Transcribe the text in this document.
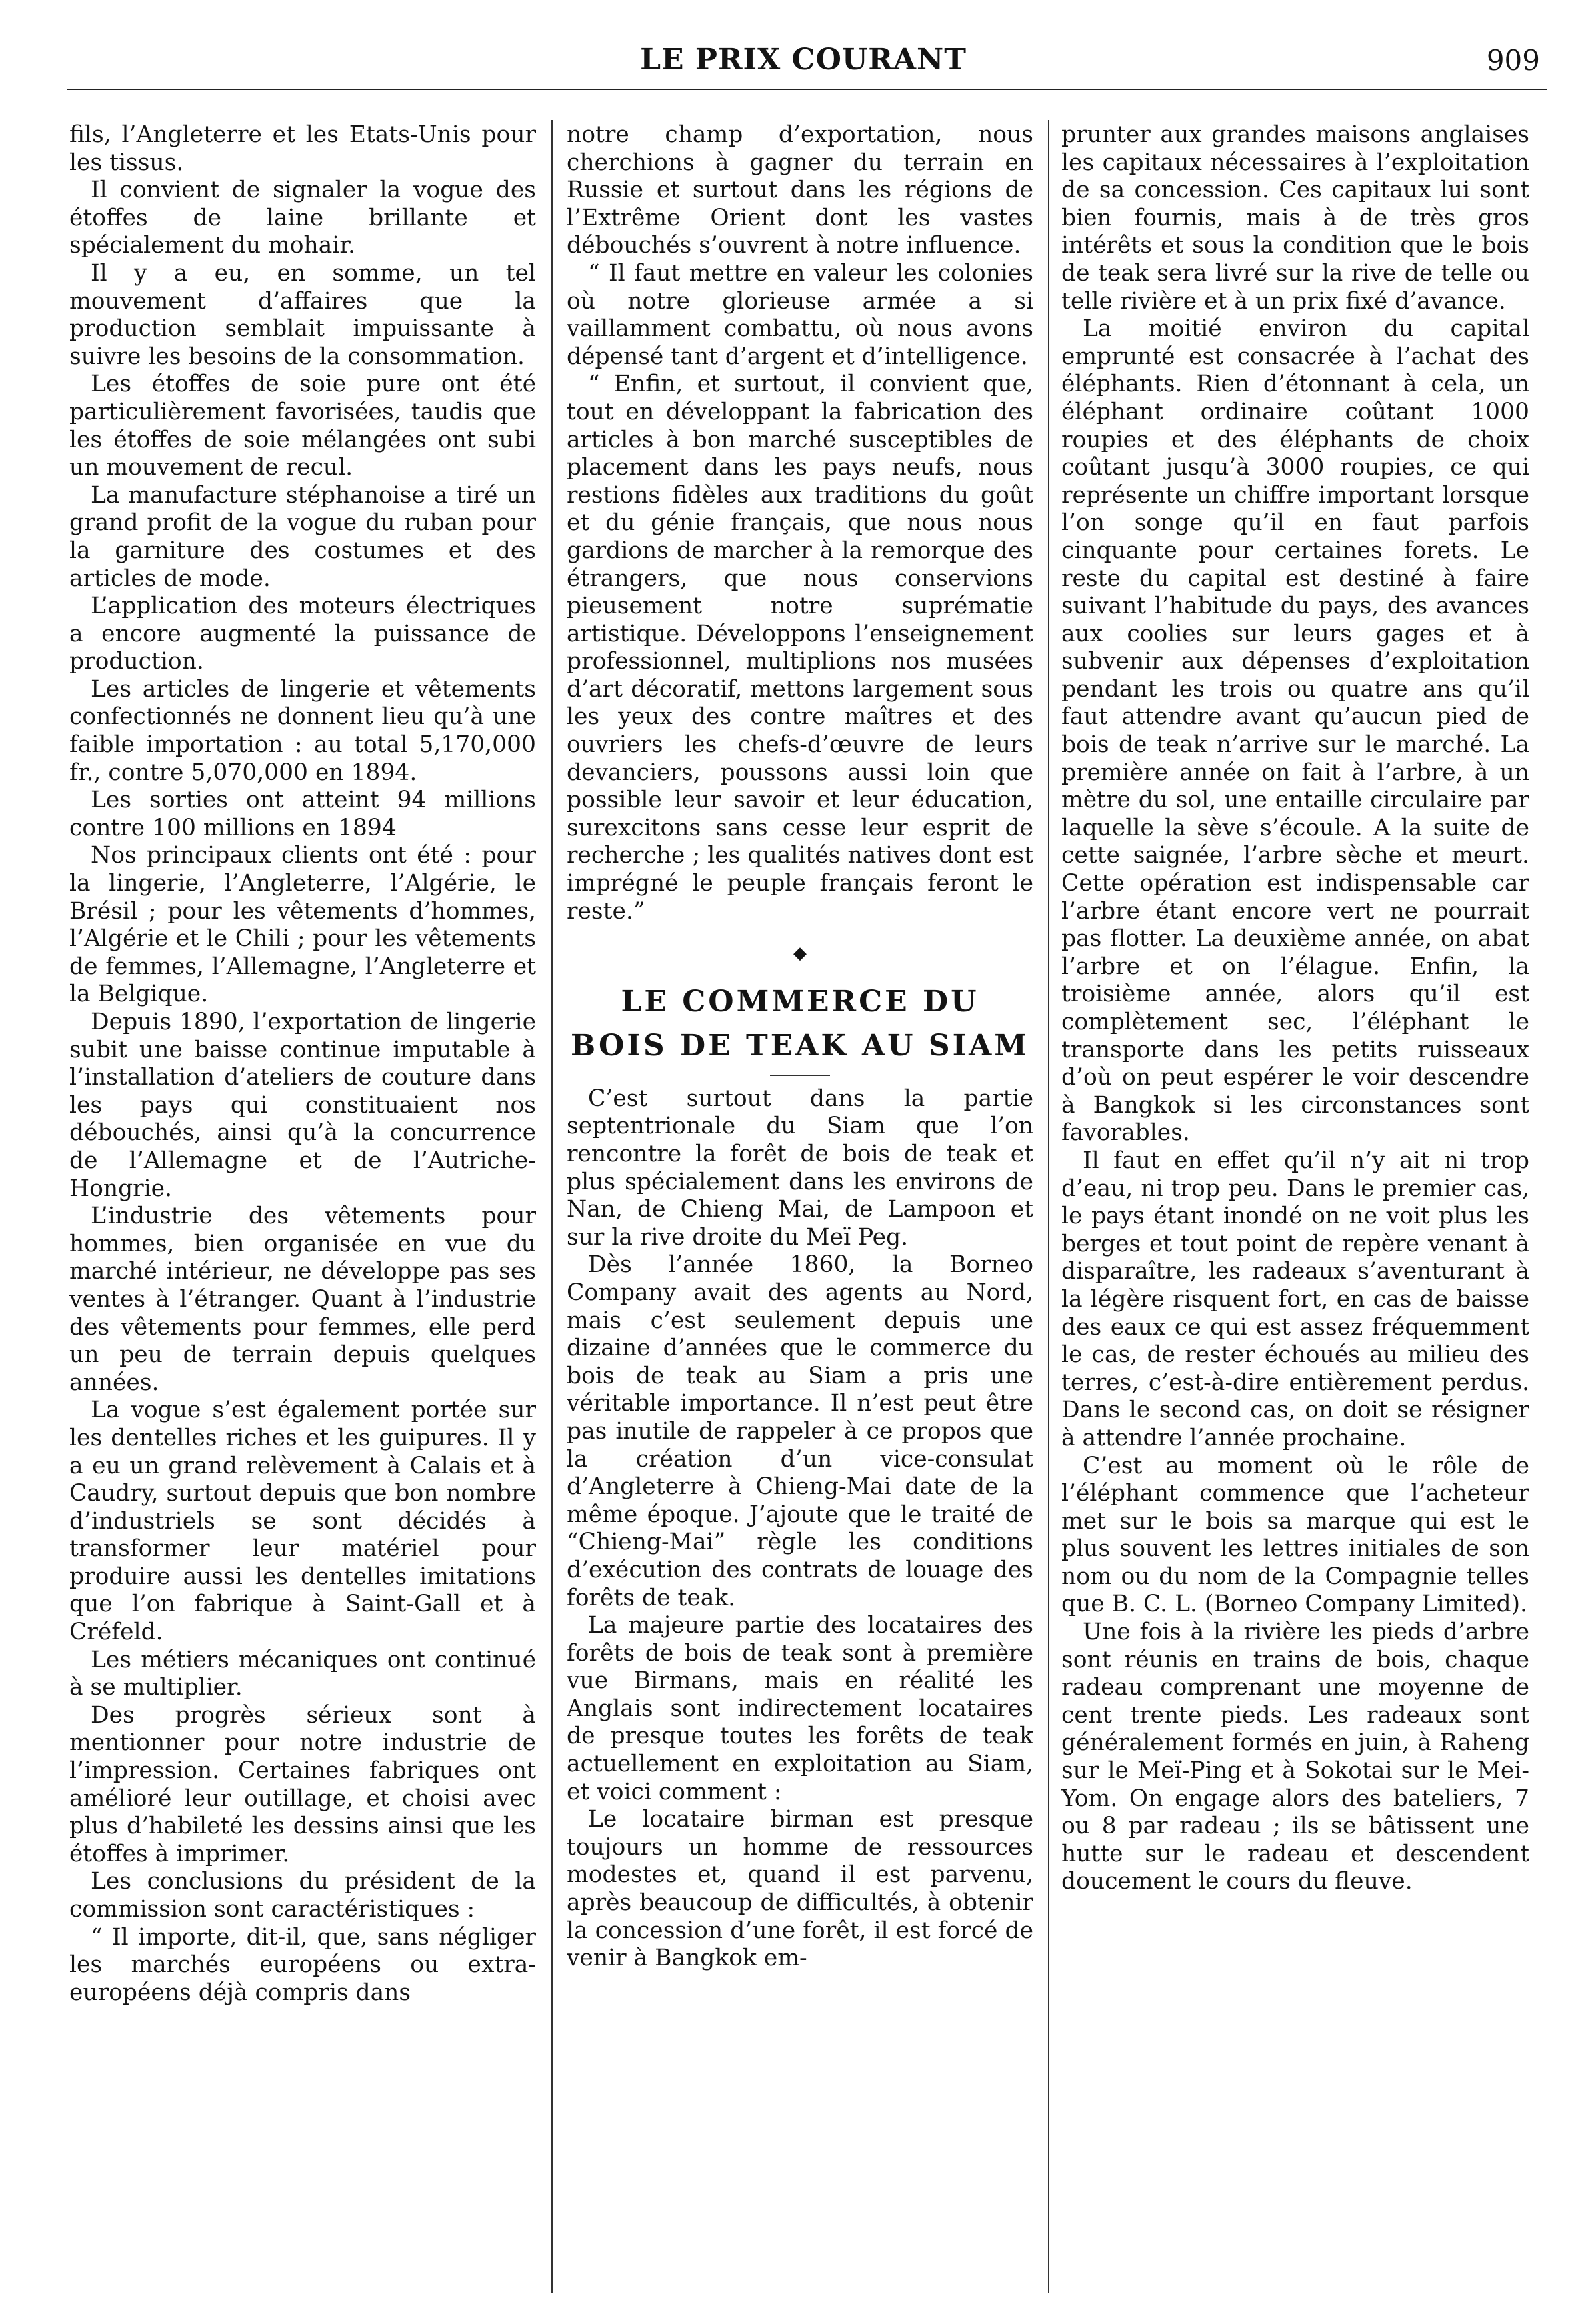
LE PRIX COURANT	909

fils, l’Angleterre et les Etats-Unis pour les tissus.

Il convient de signaler la vogue des étoffes de laine brillante et spécialement du mohair.

Il y a eu, en somme, un tel mouvement d’affaires que la production semblait impuissante à suivre les besoins de la consommation.

Les étoffes de soie pure ont été particulièrement favorisées, taudis que les étoffes de soie mélangées ont subi un mouvement de recul.

La manufacture stéphanoise a tiré un grand profit de la vogue du ruban pour la garniture des costumes et des articles de mode.

L’application des moteurs électriques a encore augmenté la puissance de production.

Les articles de lingerie et vêtements confectionnés ne donnent lieu qu’à une faible importation : au total 5,170,000 fr., contre 5,070,000 en 1894.

Les sorties ont atteint 94 millions contre 100 millions en 1894

Nos principaux clients ont été : pour la lingerie, l’Angleterre, l’Algérie, le Brésil ; pour les vêtements d’hommes, l’Algérie et le Chili ; pour les vêtements de femmes, l’Allemagne, l’Angleterre et la Belgique.

Depuis 1890, l’exportation de lingerie subit une baisse continue imputable à l’installation d’ateliers de couture dans les pays qui constituaient nos débouchés, ainsi qu’à la concurrence de l’Allemagne et de l’Autriche-Hongrie.

L’industrie des vêtements pour hommes, bien organisée en vue du marché intérieur, ne développe pas ses ventes à l’étranger. Quant à l’industrie des vêtements pour femmes, elle perd un peu de terrain depuis quelques années.

La vogue s’est également portée sur les dentelles riches et les guipures. Il y a eu un grand relèvement à Calais et à Caudry, surtout depuis que bon nombre d’industriels se sont décidés à transformer leur matériel pour produire aussi les dentelles imitations que l’on fabrique à Saint-Gall et à Créfeld.

Les métiers mécaniques ont continué à se multiplier.

Des progrès sérieux sont à mentionner pour notre industrie de l’impression. Certaines fabriques ont amélioré leur outillage, et choisi avec plus d’habileté les dessins ainsi que les étoffes à imprimer.

Les conclusions du président de la commission sont caractéristiques :

“ Il importe, dit-il, que, sans négliger les marchés européens ou extra-européens déjà compris dans

notre champ d’exportation, nous cherchions à gagner du terrain en Russie et surtout dans les régions de l’Extrême Orient dont les vastes débouchés s’ouvrent à notre influence.

“ Il faut mettre en valeur les colonies où notre glorieuse armée a si vaillamment combattu, où nous avons dépensé tant d’argent et d’intelligence.

“ Enfin, et surtout, il convient que, tout en développant la fabrication des articles à bon marché susceptibles de placement dans les pays neufs, nous restions fidèles aux traditions du goût et du génie français, que nous nous gardions de marcher à la remorque des étrangers, que nous conservions pieusement notre suprématie artistique. Développons l’enseignement professionnel, multiplions nos musées d’art décoratif, mettons largement sous les yeux des contre maîtres et des ouvriers les chefs-d’œuvre de leurs devanciers, poussons aussi loin que possible leur savoir et leur éducation, surexcitons sans cesse leur esprit de recherche ; les qualités natives dont est imprégné le peuple français feront le reste.”

◆
LE COMMERCE DU BOIS DE TEAK AU SIAM

C’est surtout dans la partie septentrionale du Siam que l’on rencontre la forêt de bois de teak et plus spécialement dans les environs de Nan, de Chieng Mai, de Lampoon et sur la rive droite du Meï Peg.

Dès l’année 1860, la Borneo Company avait des agents au Nord, mais c’est seulement depuis une dizaine d’années que le commerce du bois de teak au Siam a pris une véritable importance. Il n’est peut être pas inutile de rappeler à ce propos que la création d’un vice-consulat d’Angleterre à Chieng-Mai date de la même époque. J’ajoute que le traité de “Chieng-Mai” règle les conditions d’exécution des contrats de louage des forêts de teak.

La majeure partie des locataires des forêts de bois de teak sont à première vue Birmans, mais en réalité les Anglais sont indirectement locataires de presque toutes les forêts de teak actuellement en exploitation au Siam, et voici comment :

Le locataire birman est presque toujours un homme de ressources modestes et, quand il est parvenu, après beaucoup de difficultés, à obtenir la concession d’une forêt, il est forcé de venir à Bangkok em-

prunter aux grandes maisons anglaises les capitaux nécessaires à l’exploitation de sa concession. Ces capitaux lui sont bien fournis, mais à de très gros intérêts et sous la condition que le bois de teak sera livré sur la rive de telle ou telle rivière et à un prix fixé d’avance.

La moitié environ du capital emprunté est consacrée à l’achat des éléphants. Rien d’étonnant à cela, un éléphant ordinaire coûtant 1000 roupies et des éléphants de choix coûtant jusqu’à 3000 roupies, ce qui représente un chiffre important lorsque l’on songe qu’il en faut parfois cinquante pour certaines forets. Le reste du capital est destiné à faire suivant l’habitude du pays, des avances aux coolies sur leurs gages et à subvenir aux dépenses d’exploitation pendant les trois ou quatre ans qu’il faut attendre avant qu’aucun pied de bois de teak n’arrive sur le marché. La première année on fait à l’arbre, à un mètre du sol, une entaille circulaire par laquelle la sève s’écoule. A la suite de cette saignée, l’arbre sèche et meurt. Cette opération est indispensable car l’arbre étant encore vert ne pourrait pas flotter. La deuxième année, on abat l’arbre et on l’élague. Enfin, la troisième année, alors qu’il est complètement sec, l’éléphant le transporte dans les petits ruisseaux d’où on peut espérer le voir descendre à Bangkok si les circonstances sont favorables.

Il faut en effet qu’il n’y ait ni trop d’eau, ni trop peu. Dans le premier cas, le pays étant inondé on ne voit plus les berges et tout point de repère venant à disparaître, les radeaux s’aventurant à la légère risquent fort, en cas de baisse des eaux ce qui est assez fréquemment le cas, de rester échoués au milieu des terres, c’est-à-dire entièrement perdus. Dans le second cas, on doit se résigner à attendre l’année prochaine.

C’est au moment où le rôle de l’éléphant commence que l’acheteur met sur le bois sa marque qui est le plus souvent les lettres initiales de son nom ou du nom de la Compagnie telles que B. C. L. (Borneo Company Limited).

Une fois à la rivière les pieds d’arbre sont réunis en trains de bois, chaque radeau comprenant une moyenne de cent trente pieds. Les radeaux sont généralement formés en juin, à Raheng sur le Meï-Ping et à Sokotai sur le Mei-Yom. On engage alors des bateliers, 7 ou 8 par radeau ; ils se bâtissent une hutte sur le radeau et descendent doucement le cours du fleuve.
